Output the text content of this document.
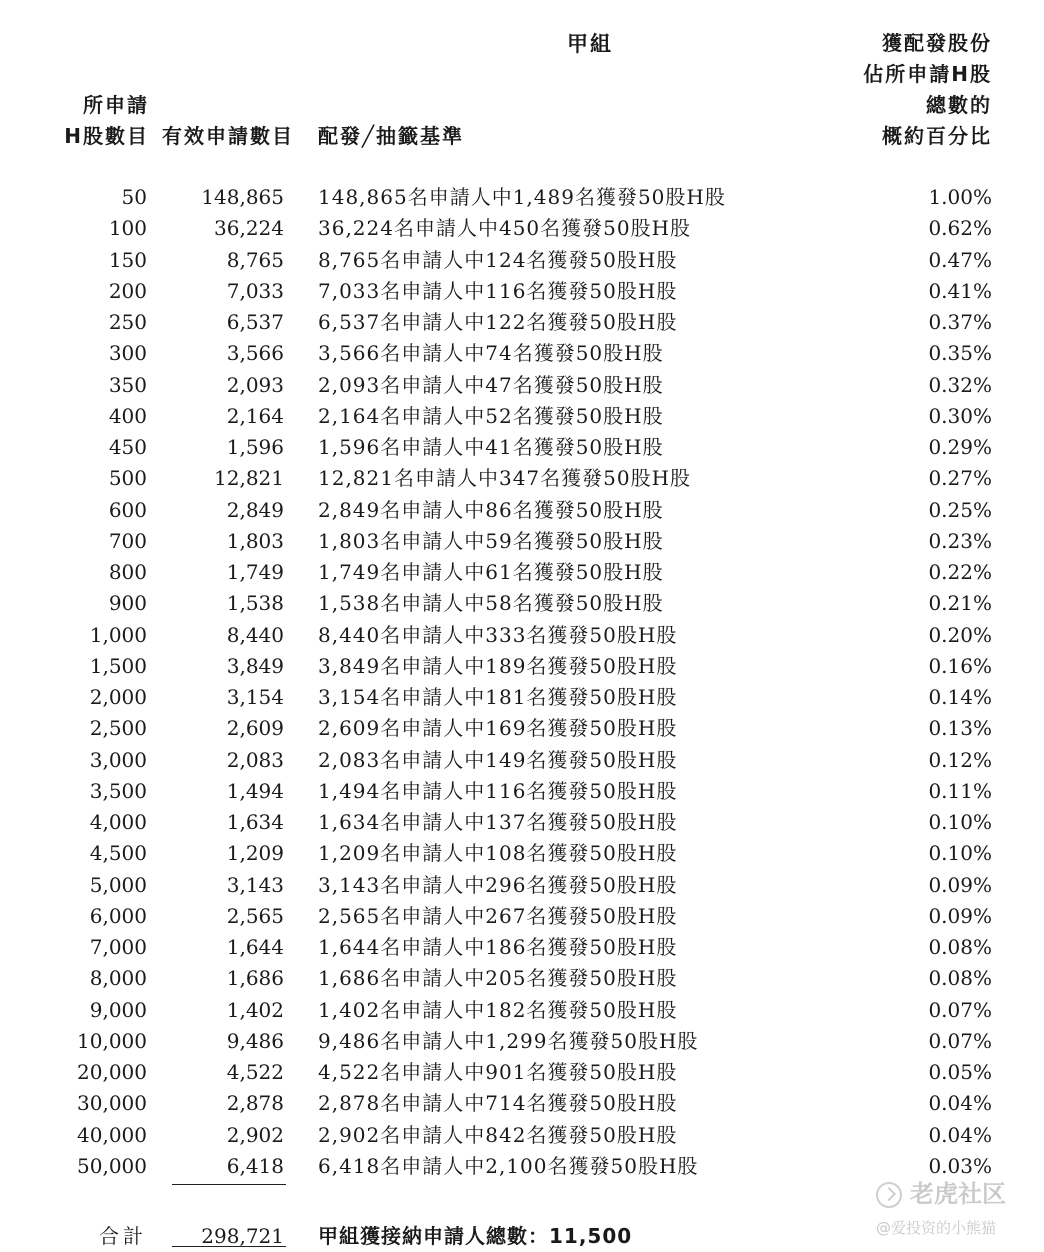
甲組
所申請
H股數目 有效申請數目 配發╱抽籤基準
獲配發股份
佔所申請H股
總數的
概約百分比
50	148,865 148,865名申請人中1,489名獲發50股H股	1.00%
100	36,224 36,224名申請人中450名獲發50股H股	0.62%
150	8,765 8,765名申請人中124名獲發50股H股	0.47%
200	7,033 7,033名申請人中116名獲發50股H股	0.41%
250	6,537 6,537名申請人中122名獲發50股H股	0.37%
300	3,566 3,566名申請人中74名獲發50股H股	0.35%
350	2,093 2,093名申請人中47名獲發50股H股	0.32%
400	2,164 2,164名申請人中52名獲發50股H股	0.30%
450	1,596 1,596名申請人中41名獲發50股H股	0.29%
500	12,821 12,821名申請人中347名獲發50股H股	0.27%
600	2,849 2,849名申請人中86名獲發50股H股	0.25%
700	1,803 1,803名申請人中59名獲發50股H股	0.23%
800	1,749 1,749名申請人中61名獲發50股H股	0.22%
900	1,538 1,538名申請人中58名獲發50股H股	0.21%
1,000	8,440 8,440名申請人中333名獲發50股H股	0.20%
1,500	3,849 3,849名申請人中189名獲發50股H股	0.16%
2,000	3,154 3,154名申請人中181名獲發50股H股	0.14%
2,500	2,609 2,609名申請人中169名獲發50股H股	0.13%
3,000	2,083 2,083名申請人中149名獲發50股H股	0.12%
3,500	1,494 1,494名申請人中116名獲發50股H股	0.11%
4,000	1,634 1,634名申請人中137名獲發50股H股	0.10%
4,500	1,209 1,209名申請人中108名獲發50股H股	0.10%
5,000	3,143 3,143名申請人中296名獲發50股H股	0.09%
6,000	2,565 2,565名申請人中267名獲發50股H股	0.09%
7,000	1,644 1,644名申請人中186名獲發50股H股	0.08%
8,000	1,686 1,686名申請人中205名獲發50股H股	0.08%
9,000	1,402 1,402名申請人中182名獲發50股H股	0.07%
10,000	9,486 9,486名申請人中1,299名獲發50股H股	0.07%
20,000	4,522 4,522名申請人中901名獲發50股H股	0.05%
30,000	2,878 2,878名申請人中714名獲發50股H股	0.04%
40,000	2,902 2,902名申請人中842名獲發50股H股	0.04%
50,000	6,418 6,418名申請人中2,100名獲發50股H股	0.03%
合計	298,721 甲組獲接納申請人總數：11,500
老虎社区
@爱投资的小熊猫
